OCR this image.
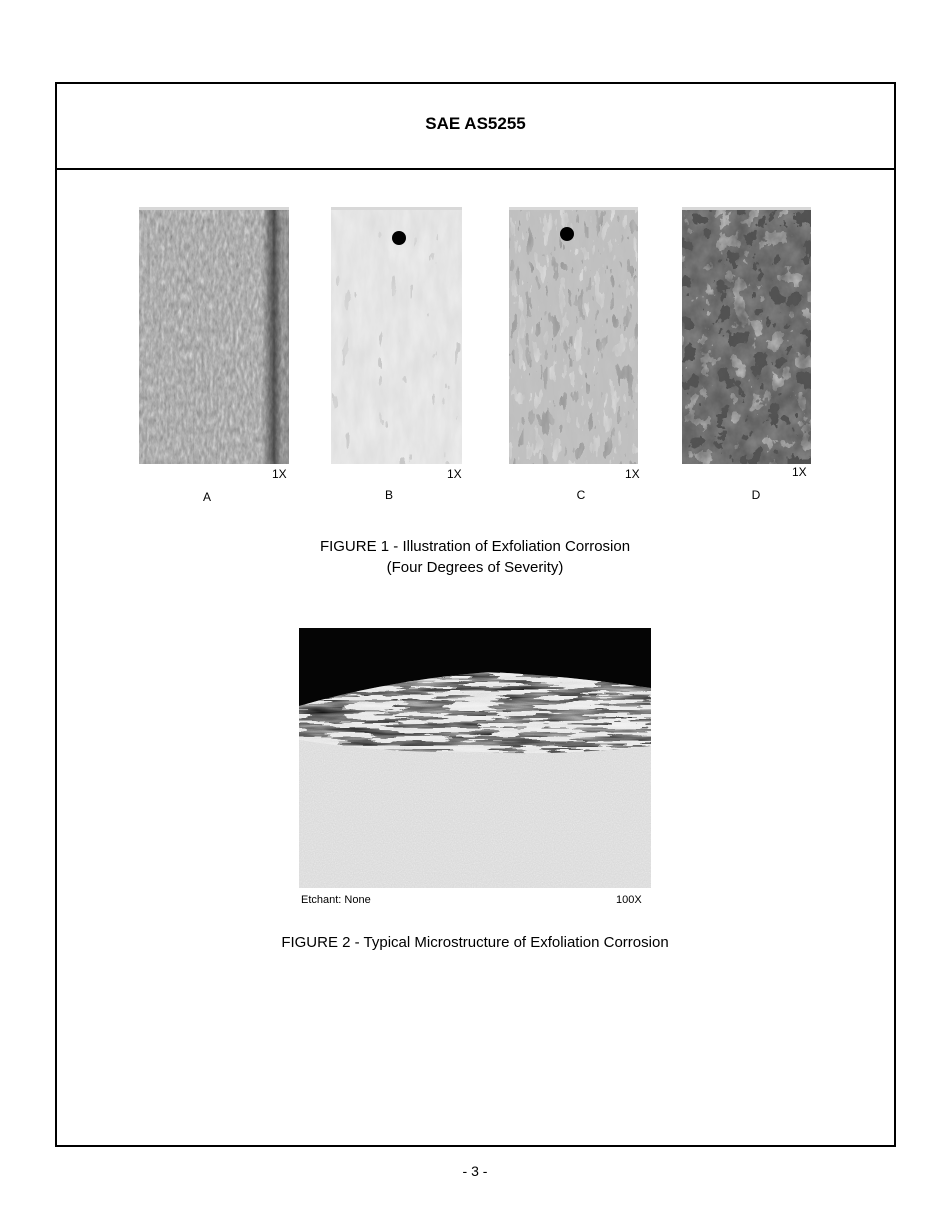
SAE AS5255
1X	1X	1X	1X
A	B	C	D
FIGURE 1 - Illustration of Exfoliation Corrosion
(Four Degrees of Severity)
Etchant: None	100X
FIGURE 2 - Typical Microstructure of Exfoliation Corrosion
- 3 -
